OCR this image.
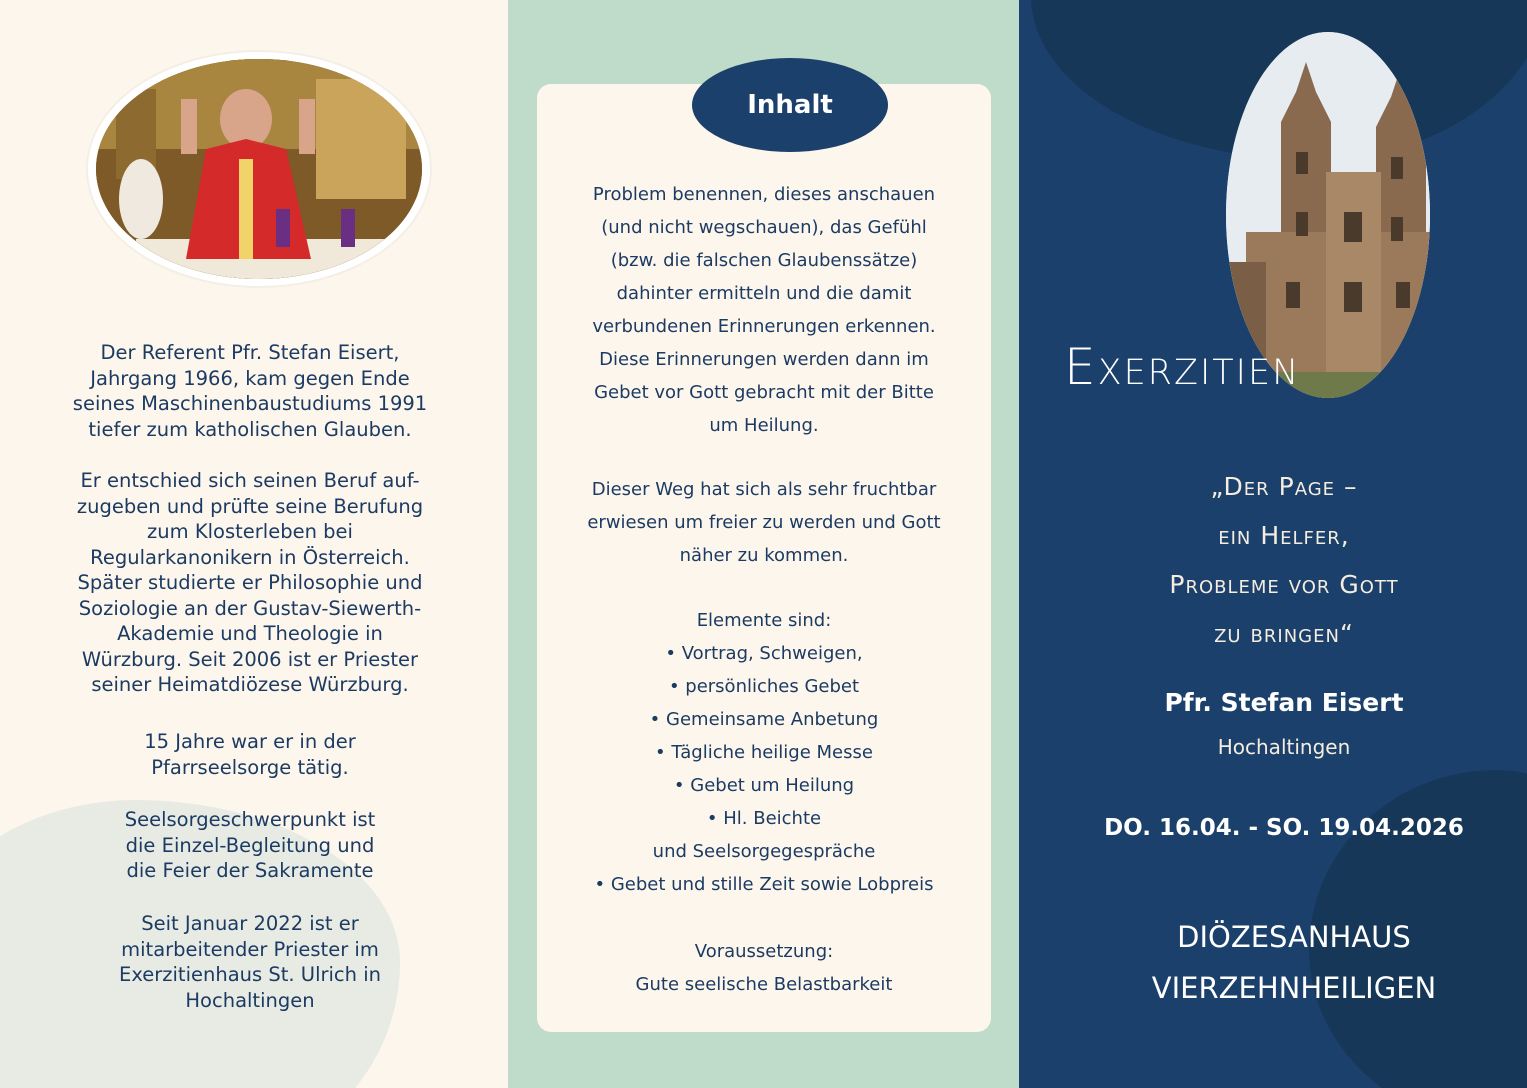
Der Referent Pfr. Stefan Eisert,
Jahrgang 1966, kam gegen Ende
seines Maschinenbaustudiums 1991
tiefer zum katholischen Glauben.
Er entschied sich seinen Beruf auf-
zugeben und prüfte seine Berufung
zum Klosterleben bei
Regularkanonikern in Österreich.
Später studierte er Philosophie und
Soziologie an der Gustav-Siewerth-
Akademie und Theologie in
Würzburg. Seit 2006 ist er Priester
seiner Heimatdiözese Würzburg.
15 Jahre war er in der
Pfarrseelsorge tätig.
Seelsorgeschwerpunkt ist
die Einzel-Begleitung und
die Feier der Sakramente
Seit Januar 2022 ist er
mitarbeitender Priester im
Exerzitienhaus St. Ulrich in
Hochaltingen
Inhalt
Problem benennen, dieses anschauen
(und nicht wegschauen), das Gefühl
(bzw. die falschen Glaubenssätze)
dahinter ermitteln und die damit
verbundenen Erinnerungen erkennen.
Diese Erinnerungen werden dann im
Gebet vor Gott gebracht mit der Bitte
um Heilung.
Dieser Weg hat sich als sehr fruchtbar
erwiesen um freier zu werden und Gott
näher zu kommen.
Elemente sind:
• Vortrag, Schweigen,
• persönliches Gebet
• Gemeinsame Anbetung
• Tägliche heilige Messe
• Gebet um Heilung
• Hl. Beichte
und Seelsorgegespräche
• Gebet und stille Zeit sowie Lobpreis
Voraussetzung:
Gute seelische Belastbarkeit
Exerzitien
„Der Page –
ein Helfer,
Probleme vor Gott
zu bringen“
Pfr. Stefan Eisert
Hochaltingen
DO. 16.04. - SO. 19.04.2026
DIÖZESANHAUS
VIERZEHNHEILIGEN
